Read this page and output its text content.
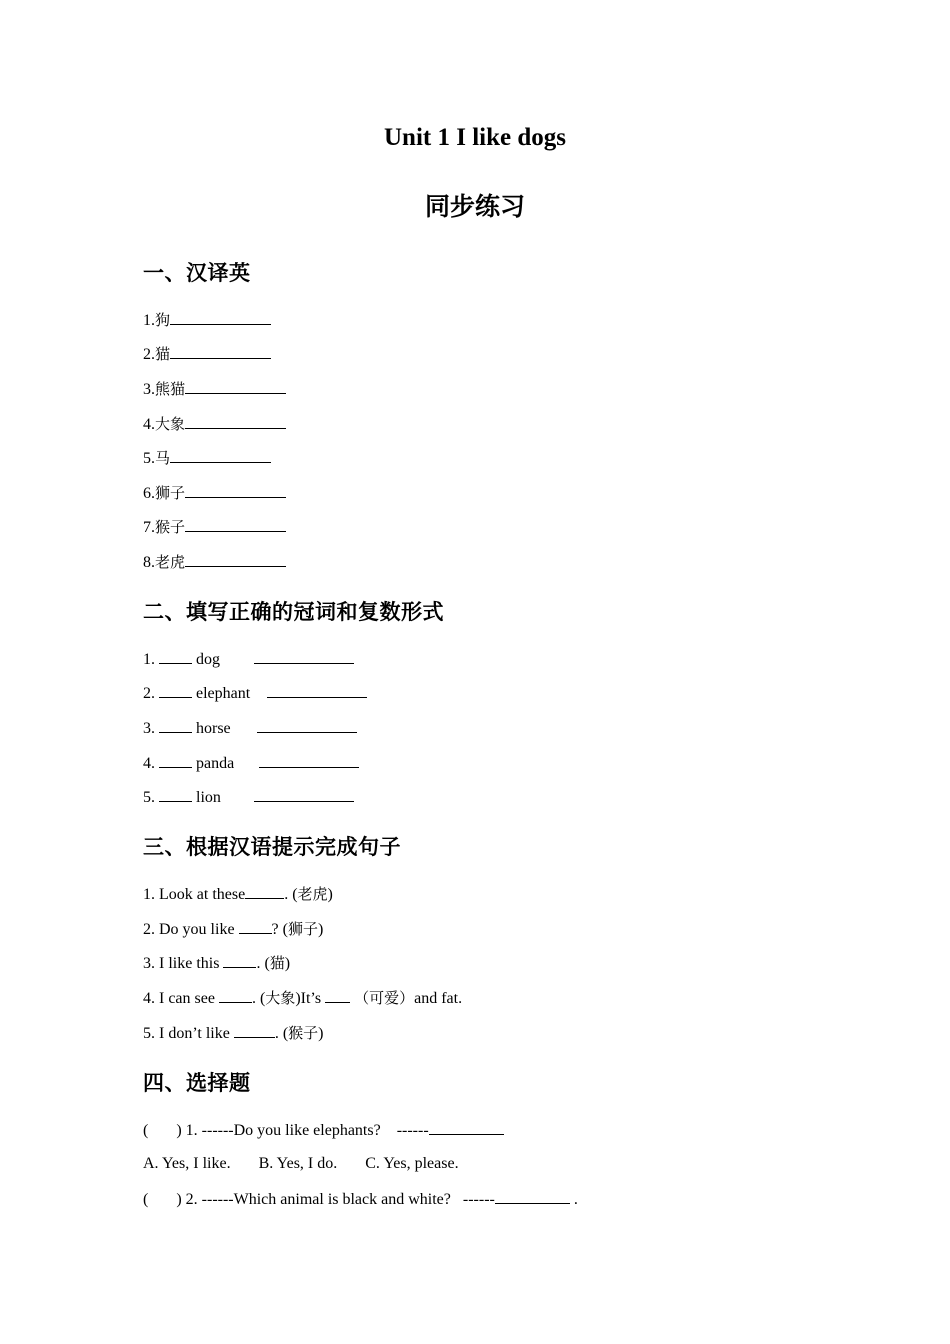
Unit 1 I like dogs
同步练习
一、汉译英
1.狗
2.猫
3.熊猫
4.大象
5.马
6.狮子
7.猴子
8.老虎
二、填写正确的冠词和复数形式
1.	dog
2.	elephant
3.	horse
4.	panda
5.	lion
三、根据汉语提示完成句子
1. Look at these . (老虎)
2. Do you like ? (狮子)
3. I like this . (猫)
4. I can see . (大象)It’s  （可爱）and fat.
5. I don’t like	. (猴子)
四、选择题
(       ) 1. ------Do you like elephants?    ------
A. Yes, I like. B. Yes, I do. C. Yes, please.
(       ) 2. ------Which animal is black and white?   ------	.
